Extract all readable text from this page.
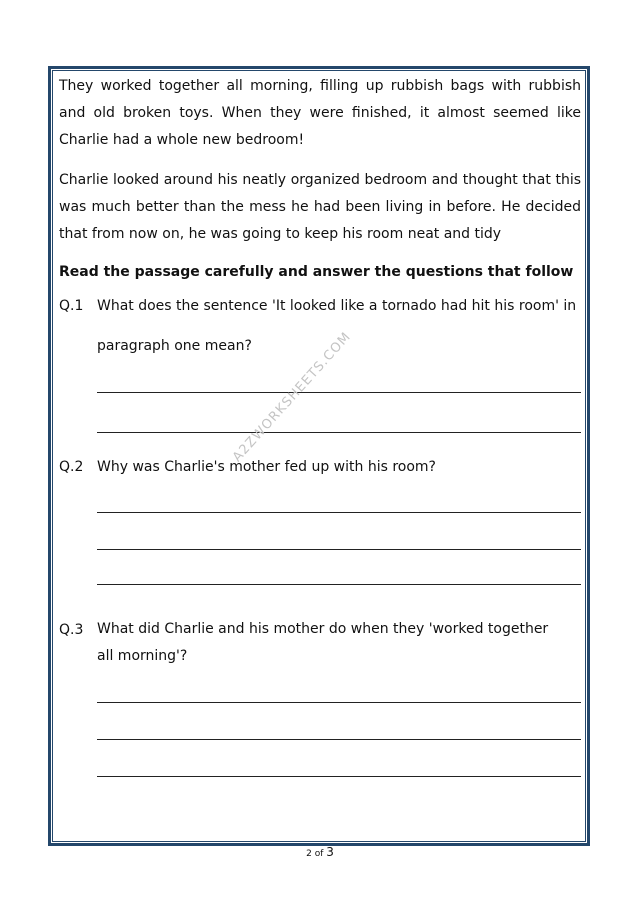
They worked together all morning, filling up rubbish bags with rubbish and old broken toys. When they were finished, it almost seemed like Charlie had a whole new bedroom!

Charlie looked around his neatly organized bedroom and thought that this was much better than the mess he had been living in before. He decided that from now on, he was going to keep his room neat and tidy

Read the passage carefully and answer the questions that follow

Q.1 What does the sentence 'It looked like a tornado had hit his room' in
paragraph one mean?
Q.2 Why was Charlie's mother fed up with his room?
Q.3 What did Charlie and his mother do when they 'worked together all morning'?
A2ZWORKSHEETS.COM
2 of 3
